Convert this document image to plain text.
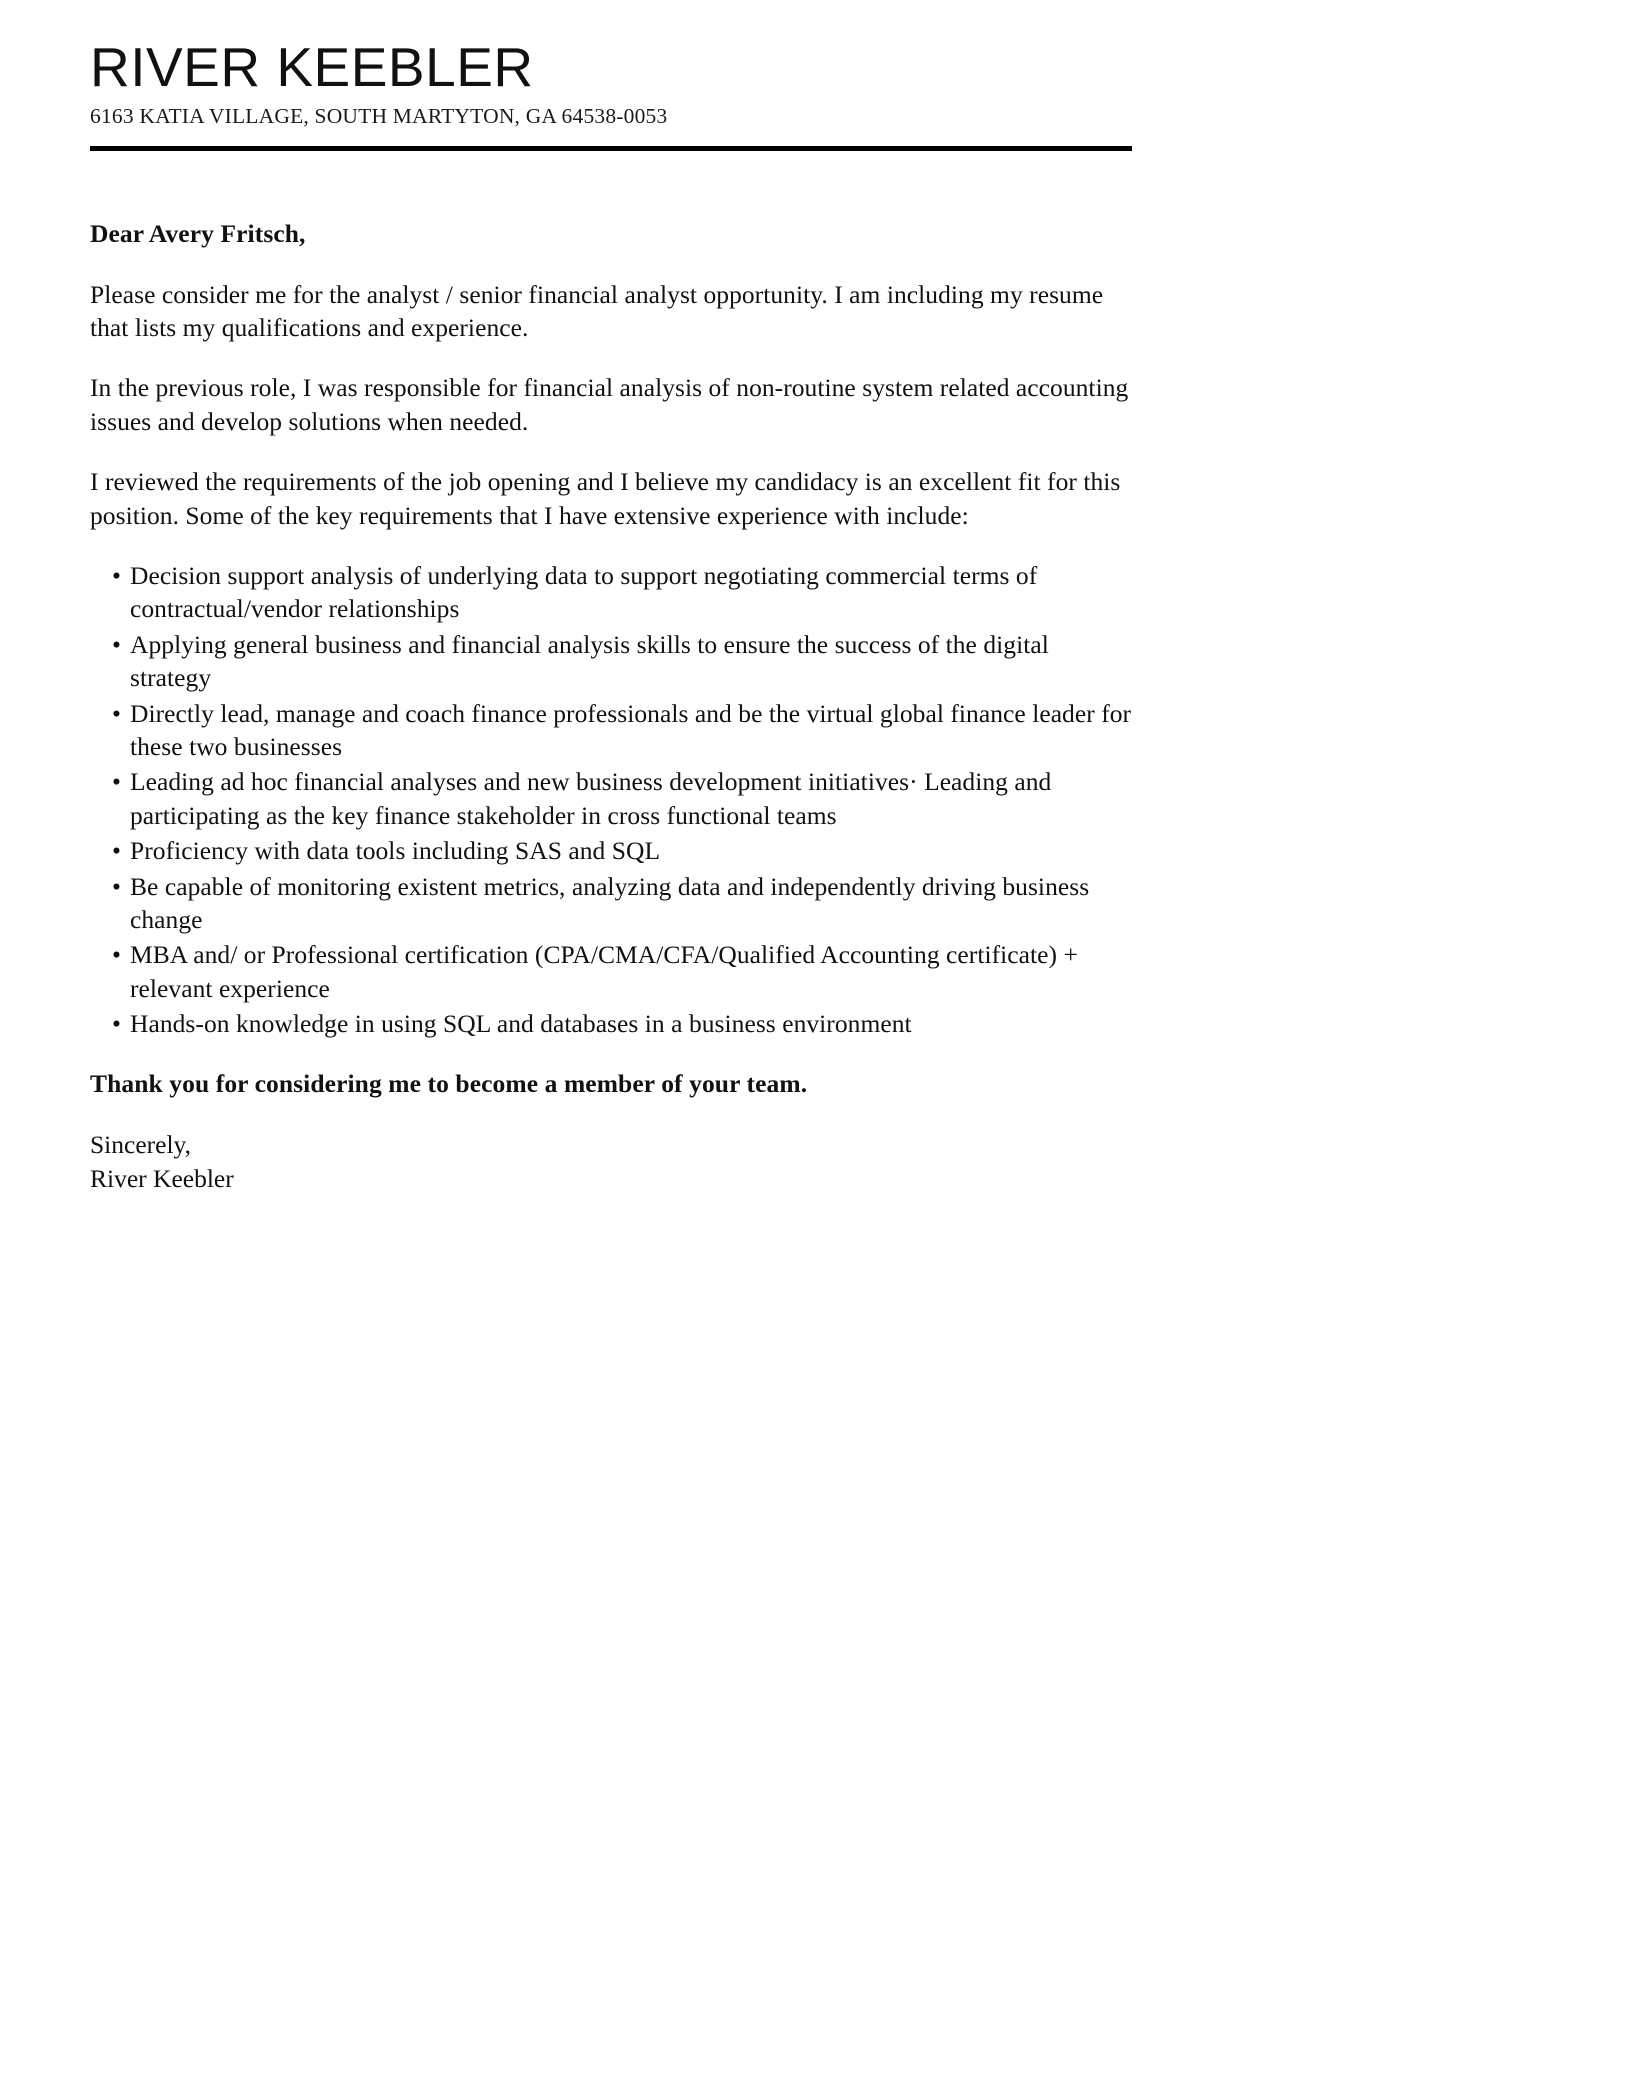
RIVER KEEBLER
6163 KATIA VILLAGE, SOUTH MARTYTON, GA 64538-0053

Dear Avery Fritsch,

Please consider me for the analyst / senior financial analyst opportunity. I am including my resume that lists my qualifications and experience.

In the previous role, I was responsible for financial analysis of non-routine system related accounting issues and develop solutions when needed.

I reviewed the requirements of the job opening and I believe my candidacy is an excellent fit for this position. Some of the key requirements that I have extensive experience with include:

• Decision support analysis of underlying data to support negotiating commercial terms of contractual/vendor relationships
• Applying general business and financial analysis skills to ensure the success of the digital strategy
• Directly lead, manage and coach finance professionals and be the virtual global finance leader for these two businesses
• Leading ad hoc financial analyses and new business development initiatives· Leading and participating as the key finance stakeholder in cross functional teams
• Proficiency with data tools including SAS and SQL
• Be capable of monitoring existent metrics, analyzing data and independently driving business change
• MBA and/ or Professional certification (CPA/CMA/CFA/Qualified Accounting certificate) + relevant experience
• Hands-on knowledge in using SQL and databases in a business environment

Thank you for considering me to become a member of your team.

Sincerely,
River Keebler
